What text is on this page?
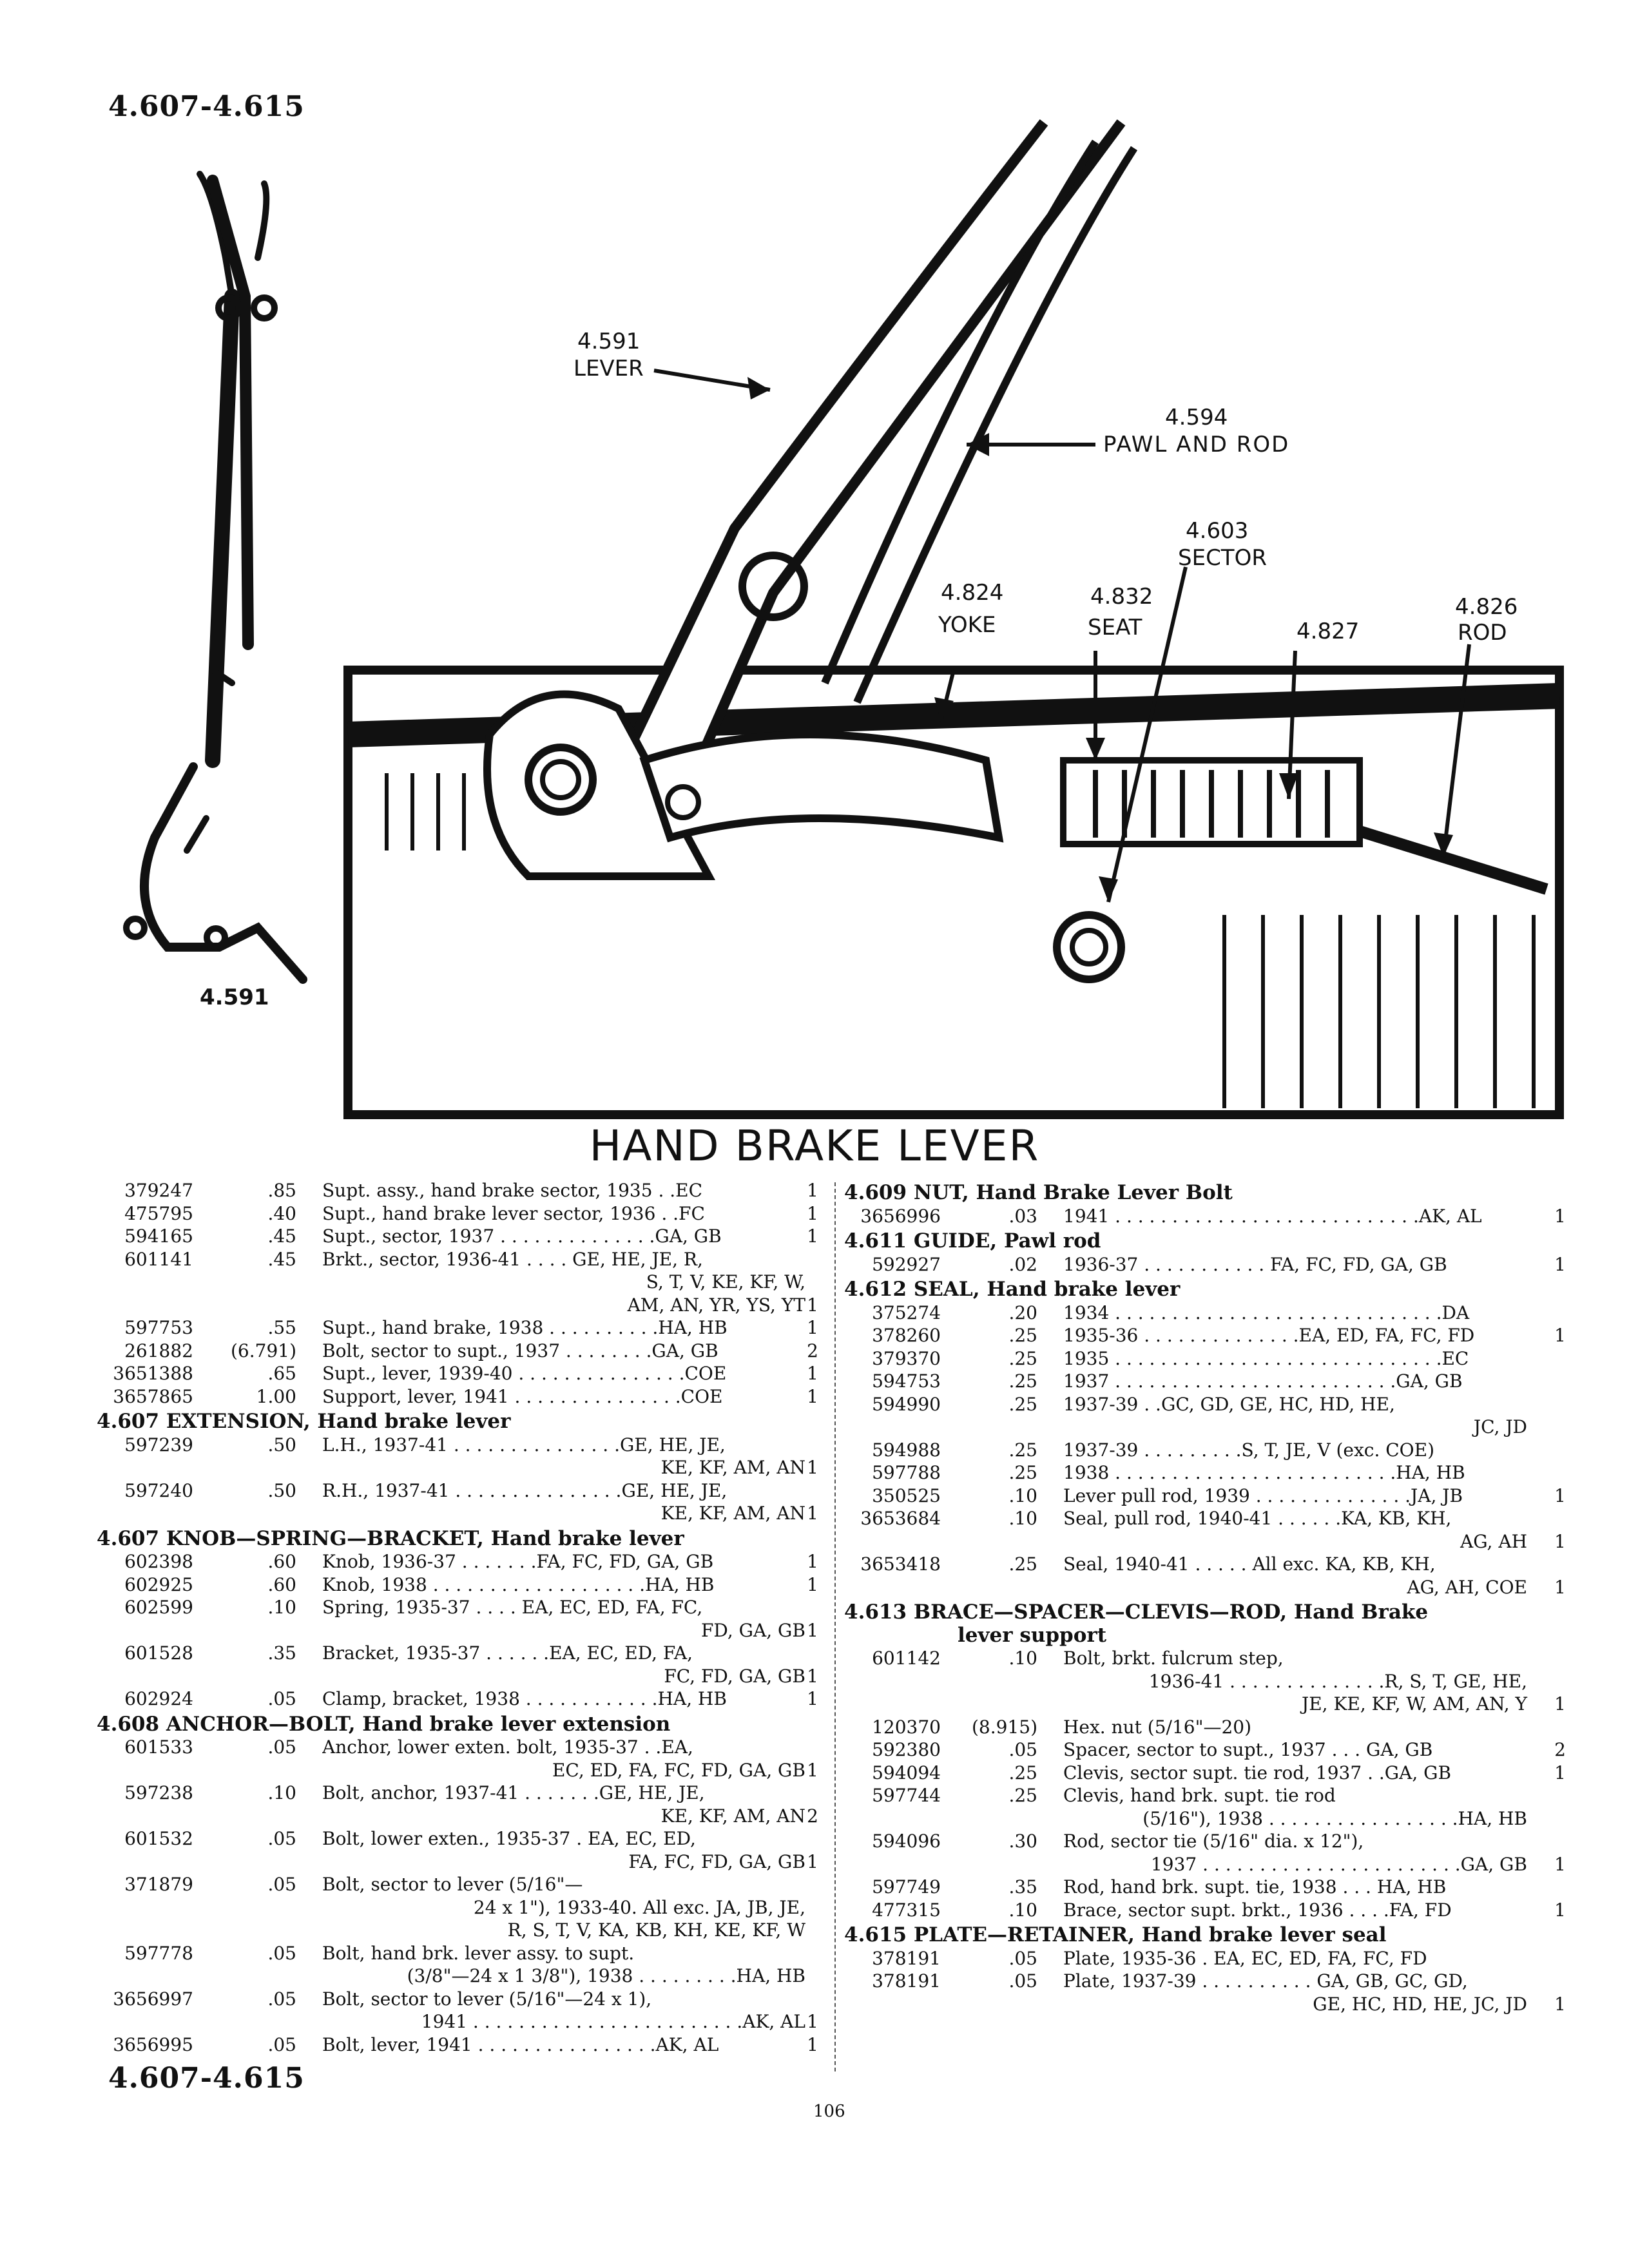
4.607-4.615
4.591
4.591
LEVER
4.594
PAWL AND ROD
4.603
SECTOR
4.824
YOKE
4.832
SEAT	4.827
4.826
ROD
HAND BRAKE LEVER
379247	.85 Supt. assy., hand brake sector, 1935 . .EC	1
475795	.40 Supt., hand brake lever sector, 1936 . .FC	1
594165	.45 Supt., sector, 1937 . . . . . . . . . . . . . .GA, GB	1
601141	.45 Brkt., sector, 1936-41 . . . . GE, HE, JE, R,
S, T, V, KE, KF, W,
AM, AN, YR, YS, YT 1
597753	.55 Supt., hand brake, 1938 . . . . . . . . . .HA, HB	1
261882	(6.791) Bolt, sector to supt., 1937 . . . . . . . .GA, GB	2
3651388	.65 Supt., lever, 1939-40 . . . . . . . . . . . . . . .COE	1
3657865	1.00 Support, lever, 1941 . . . . . . . . . . . . . . .COE	1
4.607 EXTENSION, Hand brake lever
597239	.50 L.H., 1937-41 . . . . . . . . . . . . . . .GE, HE, JE,
KE, KF, AM, AN 1
597240	.50 R.H., 1937-41 . . . . . . . . . . . . . . .GE, HE, JE,
KE, KF, AM, AN 1
4.607 KNOB—SPRING—BRACKET, Hand brake lever
602398	.60 Knob, 1936-37 . . . . . . .FA, FC, FD, GA, GB	1
602925	.60 Knob, 1938 . . . . . . . . . . . . . . . . . . .HA, HB	1
602599	.10 Spring, 1935-37 . . . . EA, EC, ED, FA, FC,
FD, GA, GB 1
601528	.35 Bracket, 1935-37 . . . . . .EA, EC, ED, FA,
FC, FD, GA, GB 1
602924	.05 Clamp, bracket, 1938 . . . . . . . . . . . .HA, HB	1
4.608 ANCHOR—BOLT, Hand brake lever extension
601533	.05 Anchor, lower exten. bolt, 1935-37 . .EA,
EC, ED, FA, FC, FD, GA, GB 1
597238	.10 Bolt, anchor, 1937-41 . . . . . . .GE, HE, JE,
KE, KF, AM, AN 2
601532	.05 Bolt, lower exten., 1935-37 . EA, EC, ED,
FA, FC, FD, GA, GB 1
371879	.05 Bolt, sector to lever (5/16"—
24 x 1"), 1933-40. All exc. JA, JB, JE,
R, S, T, V, KA, KB, KH, KE, KF, W
597778	.05 Bolt, hand brk. lever assy. to supt.
(3/8"—24 x 1 3/8"), 1938 . . . . . . . . .HA, HB
3656997	.05 Bolt, sector to lever (5/16"—24 x 1),
1941 . . . . . . . . . . . . . . . . . . . . . . . .AK, AL 1
3656995	.05 Bolt, lever, 1941 . . . . . . . . . . . . . . . .AK, AL	1
4.609 NUT, Hand Brake Lever Bolt
3656996	.03 1941 . . . . . . . . . . . . . . . . . . . . . . . . . . .AK, AL	1
4.611 GUIDE, Pawl rod
592927	.02 1936-37 . . . . . . . . . . . FA, FC, FD, GA, GB	1
4.612 SEAL, Hand brake lever
375274	.20 1934 . . . . . . . . . . . . . . . . . . . . . . . . . . . . .DA
378260	.25 1935-36 . . . . . . . . . . . . . .EA, ED, FA, FC, FD	1
379370	.25 1935 . . . . . . . . . . . . . . . . . . . . . . . . . . . . .EC
594753	.25 1937 . . . . . . . . . . . . . . . . . . . . . . . . .GA, GB
594990	.25 1937-39 . .GC, GD, GE, HC, HD, HE,
JC, JD
594988	.25 1937-39 . . . . . . . . .S, T, JE, V (exc. COE)
597788	.25 1938 . . . . . . . . . . . . . . . . . . . . . . . . .HA, HB
350525	.10 Lever pull rod, 1939 . . . . . . . . . . . . . .JA, JB	1
3653684	.10 Seal, pull rod, 1940-41 . . . . . .KA, KB, KH,
AG, AH	1
3653418	.25 Seal, 1940-41 . . . . . All exc. KA, KB, KH,
AG, AH, COE	1
4.613 BRACE—SPACER—CLEVIS—ROD, Hand Brake
lever support
601142	.10 Bolt, brkt. fulcrum step,
1936-41 . . . . . . . . . . . . . .R, S, T, GE, HE,
JE, KE, KF, W, AM, AN, Y	1
120370	(8.915) Hex. nut (5/16"—20)
592380	.05 Spacer, sector to supt., 1937 . . . GA, GB	2
594094	.25 Clevis, sector supt. tie rod, 1937 . .GA, GB	1
597744	.25 Clevis, hand brk. supt. tie rod
(5/16"), 1938 . . . . . . . . . . . . . . . . .HA, HB
594096	.30 Rod, sector tie (5/16" dia. x 12"),
1937 . . . . . . . . . . . . . . . . . . . . . . .GA, GB	1
597749	.35 Rod, hand brk. supt. tie, 1938 . . . HA, HB
477315	.10 Brace, sector supt. brkt., 1936 . . . .FA, FD	1
4.615 PLATE—RETAINER, Hand brake lever seal
378191	.05 Plate, 1935-36 . EA, EC, ED, FA, FC, FD
378191	.05 Plate, 1937-39 . . . . . . . . . . GA, GB, GC, GD,
GE, HC, HD, HE, JC, JD	1
106
4.607-4.615
